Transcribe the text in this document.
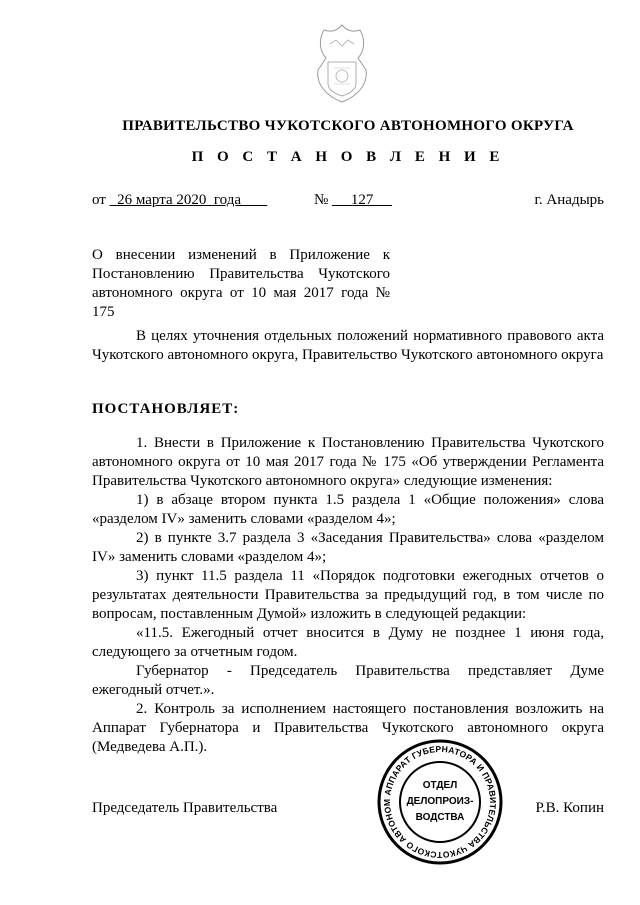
ПРАВИТЕЛЬСТВО ЧУКОТСКОГО АВТОНОМНОГО ОКРУГА
П О С Т А Н О В Л Е Н И Е
от   26 марта 2020  года	№      127	г. Анадырь
О внесении изменений в Приложение к
Постановлению Правительства Чукотского
автономного округа от 10 мая 2017 года № 175

В целях уточнения отдельных положений нормативного правового акта Чукотского автономного округа, Правительство Чукотского автономного округа

ПОСТАНОВЛЯЕТ:

1. Внести в Приложение к Постановлению Правительства Чукотского автономного округа от 10 мая 2017 года № 175 «Об утверждении Регламента Правительства Чукотского автономного округа» следующие изменения:

1) в абзаце втором пункта 1.5 раздела 1 «Общие положения» слова «разделом IV» заменить словами «разделом 4»;

2) в пункте 3.7 раздела 3 «Заседания Правительства» слова «разделом IV» заменить словами «разделом 4»;

3) пункт 11.5 раздела 11 «Порядок подготовки ежегодных отчетов о результатах деятельности Правительства за предыдущий год, в том числе по вопросам, поставленным Думой» изложить в следующей редакции:

«11.5. Ежегодный отчет вносится в Думу не позднее 1 июня года, следующего за отчетным годом.

Губернатор - Председатель Правительства представляет Думе ежегодный отчет.».

2. Контроль за исполнением настоящего постановления возложить на Аппарат Губернатора и Правительства Чукотского автономного округа (Медведева А.П.).

Председатель Правительства	Р.В. Копин
АППАРАТ ГУБЕРНАТОРА И ПРАВИТЕЛЬСТВА ЧУКОТСКОГО АВТОНОМ
ОТДЕЛ
ДЕЛОПРОИЗ-
ВОДСТВА
